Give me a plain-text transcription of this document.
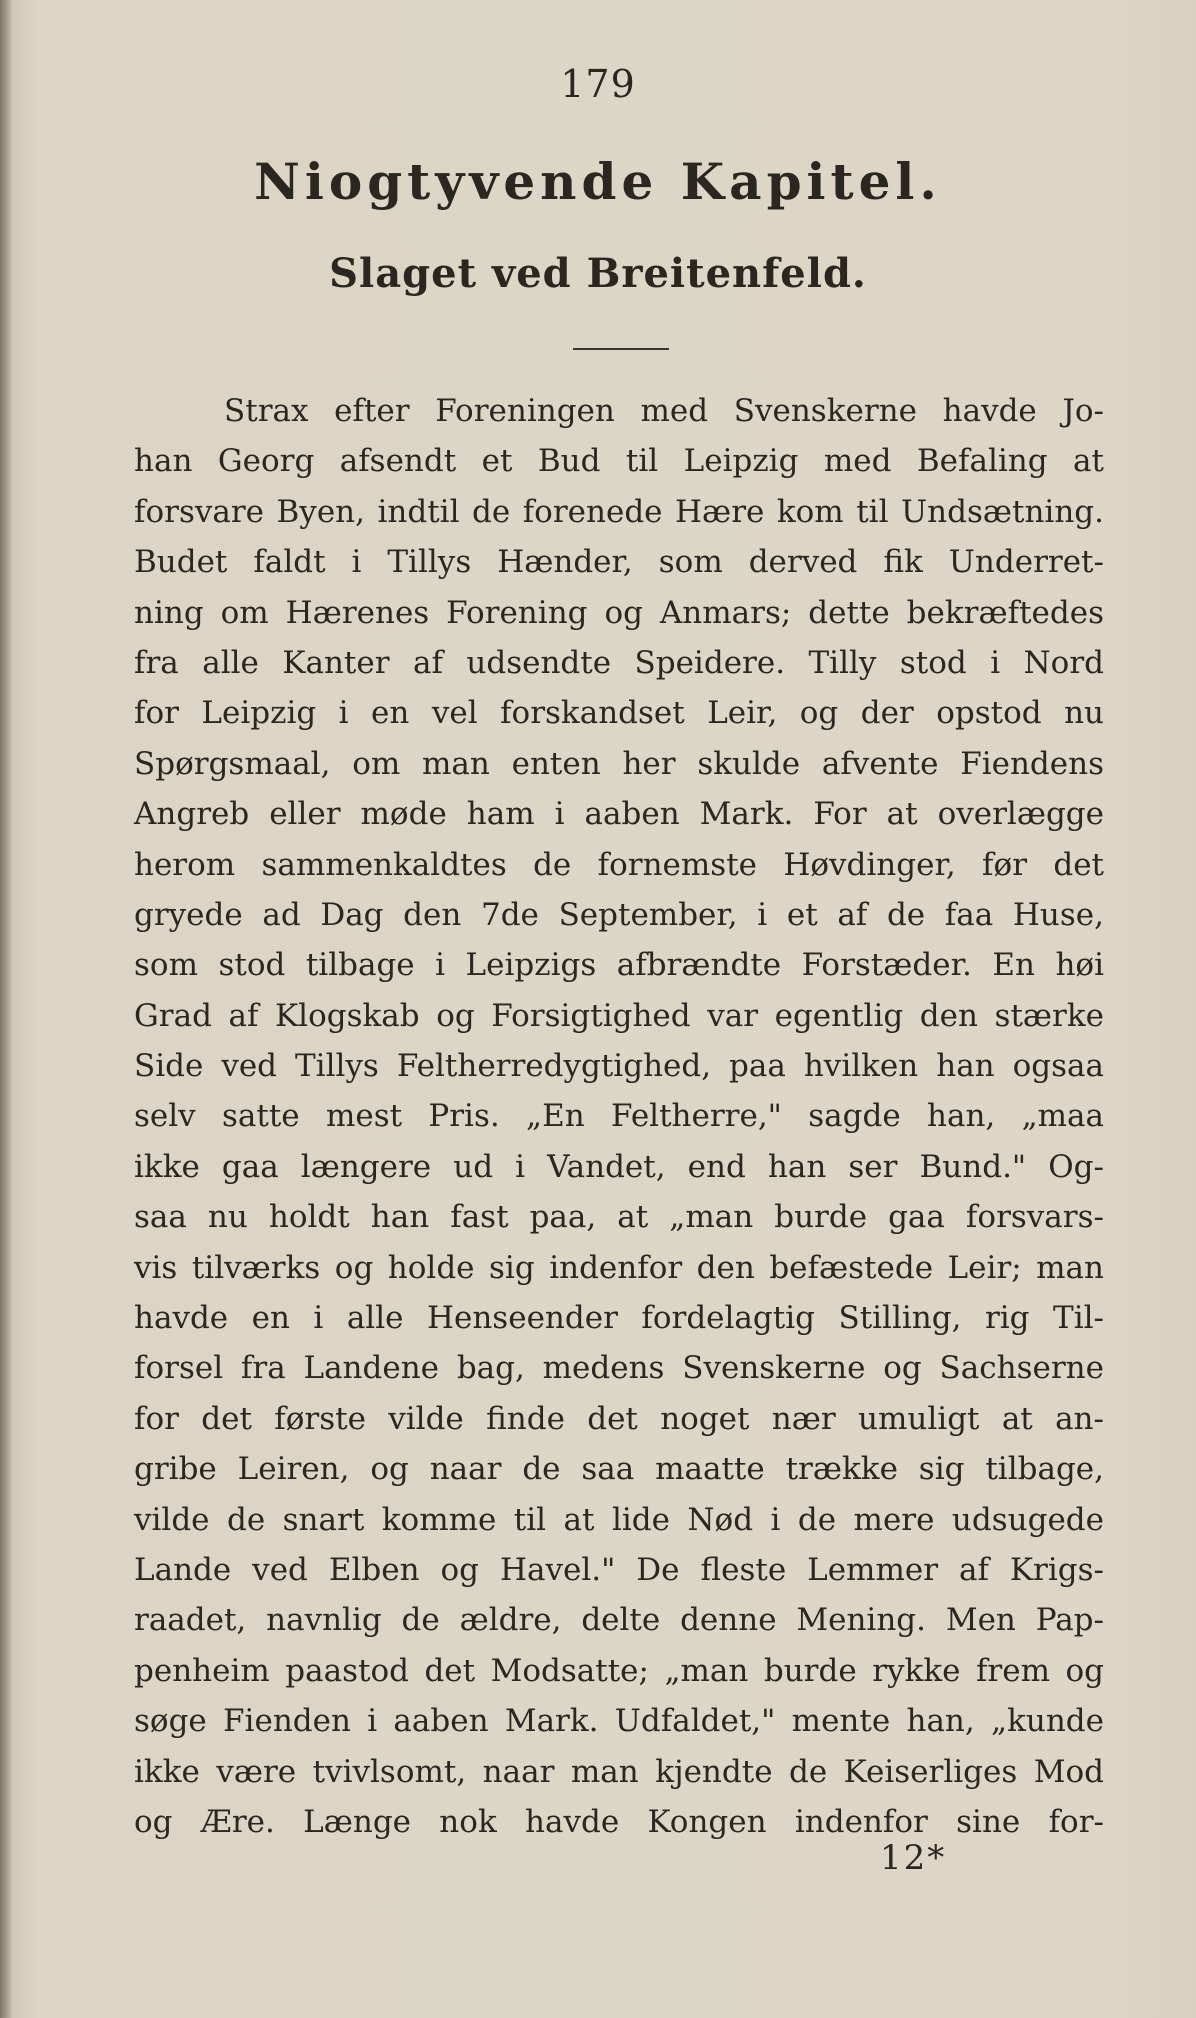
179
Niogtyvende Kapitel.
Slaget ved Breitenfeld.
Strax efter Foreningen med Svenskerne havde Jo-
han Georg afsendt et Bud til Leipzig med Befaling at
forsvare Byen, indtil de forenede Hære kom til Undsætning.
Budet faldt i Tillys Hænder, som derved fik Underret-
ning om Hærenes Forening og Anmars; dette bekræftedes
fra alle Kanter af udsendte Speidere. Tilly stod i Nord
for Leipzig i en vel forskandset Leir, og der opstod nu
Spørgsmaal, om man enten her skulde afvente Fiendens
Angreb eller møde ham i aaben Mark. For at overlægge
herom sammenkaldtes de fornemste Høvdinger, før det
gryede ad Dag den 7de September, i et af de faa Huse,
som stod tilbage i Leipzigs afbrændte Forstæder. En høi
Grad af Klogskab og Forsigtighed var egentlig den stærke
Side ved Tillys Feltherredygtighed, paa hvilken han ogsaa
selv satte mest Pris. „En Feltherre," sagde han, „maa
ikke gaa længere ud i Vandet, end han ser Bund." Og-
saa nu holdt han fast paa, at „man burde gaa forsvars-
vis tilværks og holde sig indenfor den befæstede Leir; man
havde en i alle Henseender fordelagtig Stilling, rig Til-
forsel fra Landene bag, medens Svenskerne og Sachserne
for det første vilde finde det noget nær umuligt at an-
gribe Leiren, og naar de saa maatte trække sig tilbage,
vilde de snart komme til at lide Nød i de mere udsugede
Lande ved Elben og Havel." De fleste Lemmer af Krigs-
raadet, navnlig de ældre, delte denne Mening. Men Pap-
penheim paastod det Modsatte; „man burde rykke frem og
søge Fienden i aaben Mark. Udfaldet," mente han, „kunde
ikke være tvivlsomt, naar man kjendte de Keiserliges Mod
og Ære. Længe nok havde Kongen indenfor sine for-
12*
